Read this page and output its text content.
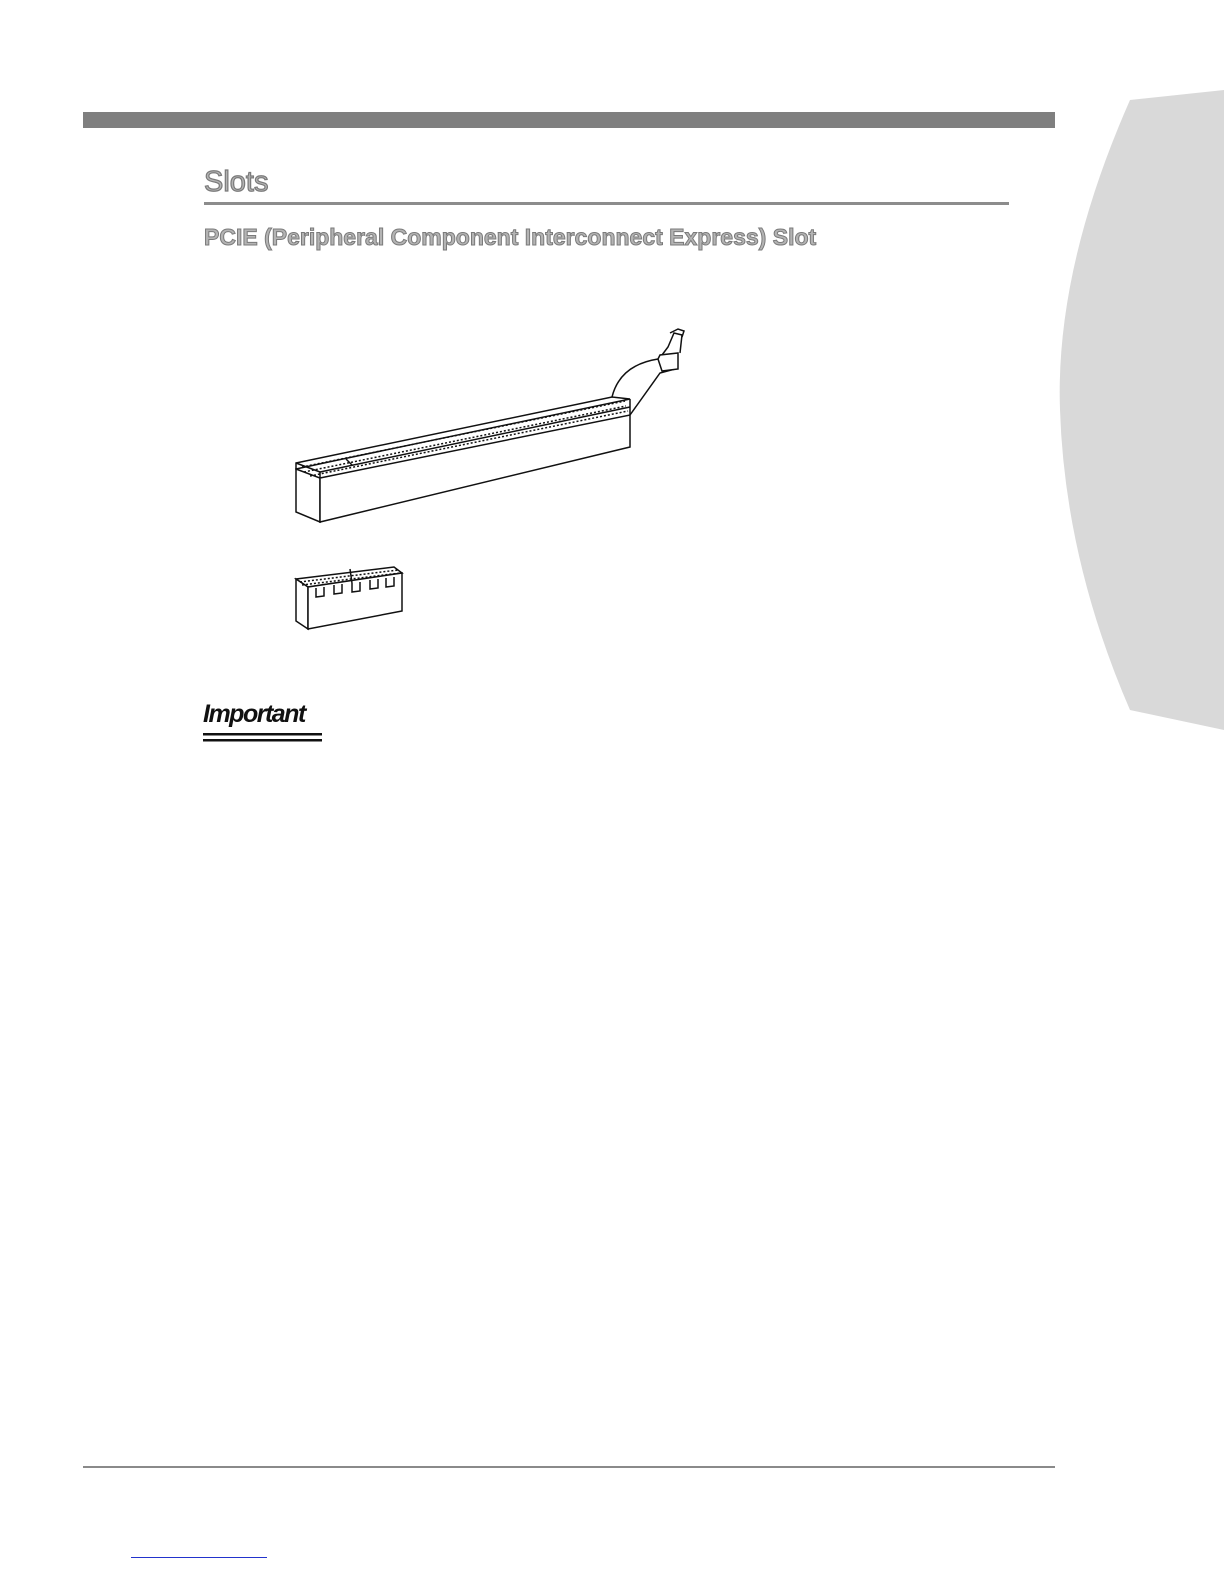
Slots
PCIE (Peripheral Component Interconnect Express) Slot
Important
